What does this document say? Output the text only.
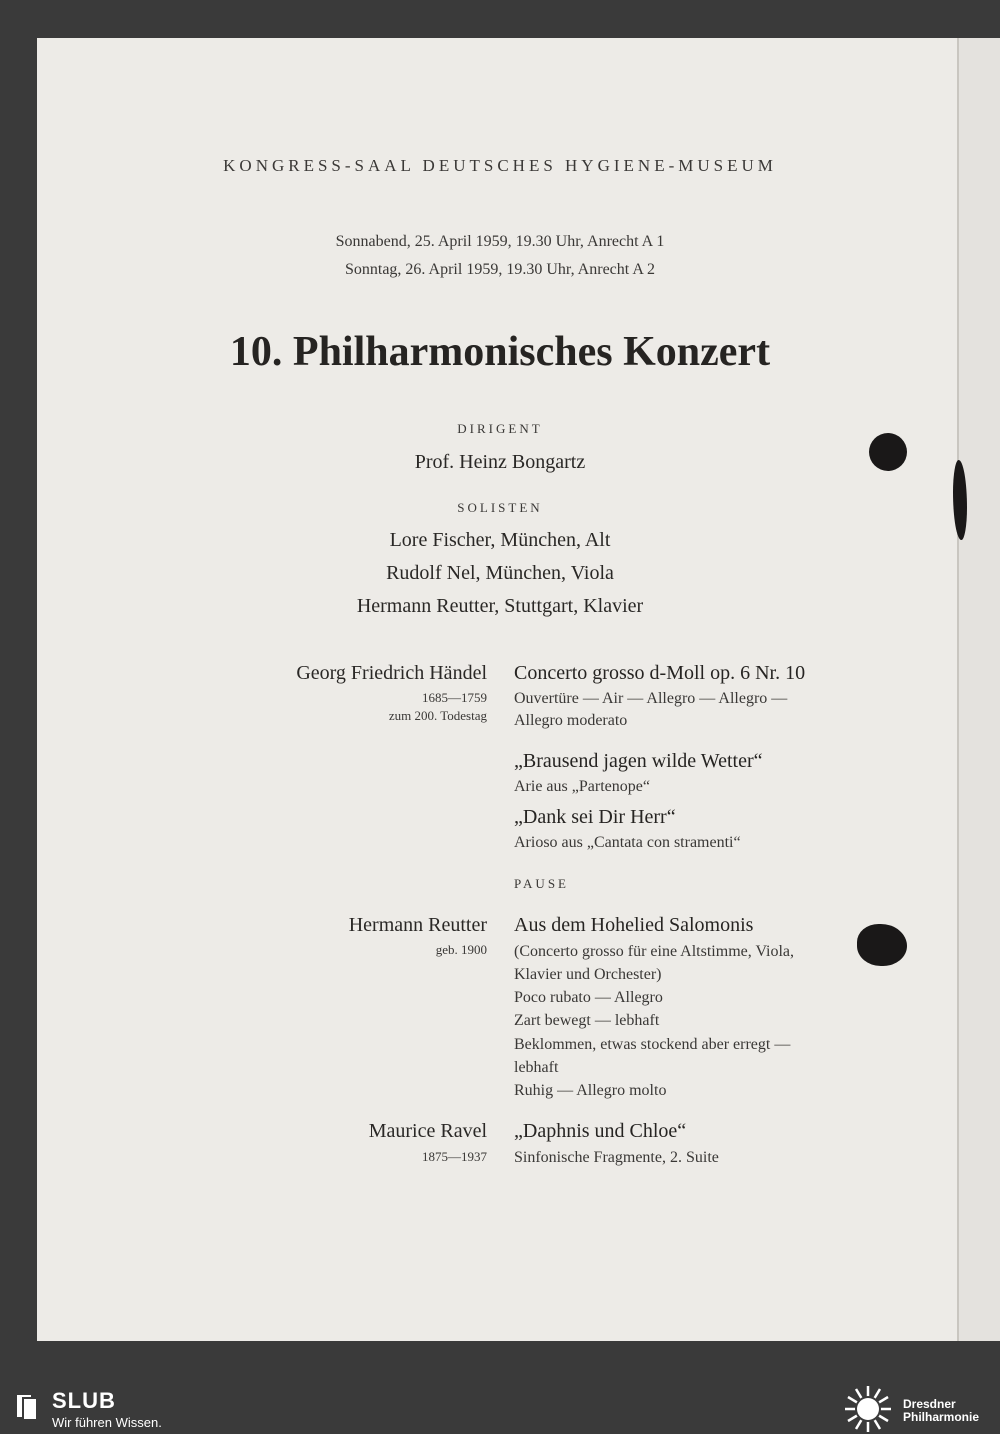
KONGRESS-SAAL DEUTSCHES HYGIENE-MUSEUM
Sonnabend, 25. April 1959, 19.30 Uhr, Anrecht A 1
Sonntag, 26. April 1959, 19.30 Uhr, Anrecht A 2
10. Philharmonisches Konzert
DIRIGENT
Prof. Heinz Bongartz
SOLISTEN
Lore Fischer, München, Alt
Rudolf Nel, München, Viola
Hermann Reutter, Stuttgart, Klavier
Georg Friedrich Händel
1685—1759
zum 200. Todestag
Concerto grosso d-Moll op. 6 Nr. 10
Ouvertüre — Air — Allegro — Allegro —
Allegro moderato
„Brausend jagen wilde Wetter“
Arie aus „Partenope“
„Dank sei Dir Herr“
Arioso aus „Cantata con stramenti“
PAUSE
Hermann Reutter
geb. 1900
Aus dem Hohelied Salomonis
(Concerto grosso für eine Altstimme, Viola,
Klavier und Orchester)
Poco rubato — Allegro
Zart bewegt — lebhaft
Beklommen, etwas stockend aber erregt —
lebhaft
Ruhig — Allegro molto
Maurice Ravel
1875—1937
„Daphnis und Chloe“
Sinfonische Fragmente, 2. Suite
SLUB
Wir führen Wissen.
Dresdner
Philharmonie
